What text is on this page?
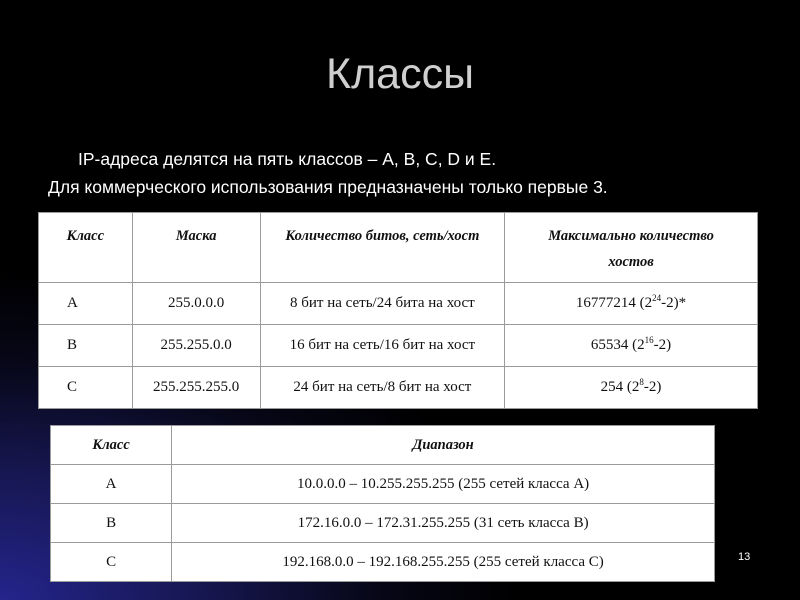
Классы
IP-адреса делятся на пять классов – A, B, C, D и E.
Для коммерческого использования предназначены только первые 3.
Класс	Маска	Количество битов, сеть/хост	Максимально количество
хостов
A	255.0.0.0	8 бит на сеть/24 бита на хост	16777214 $(2^{24}-2)*$
B	255.255.0.0	16 бит на сеть/16 бит на хост	65534 $(2^{16}-2)$
C	255.255.255.0	24 бит на сеть/8 бит на хост	254 $(2^8-2)$
Класс	Диапазон
A	10.0.0.0 – 10.255.255.255 (255 сетей класса A)
B	172.16.0.0 – 172.31.255.255 (31 сеть класса B)
C	192.168.0.0 – 192.168.255.255 (255 сетей класса C)	13
